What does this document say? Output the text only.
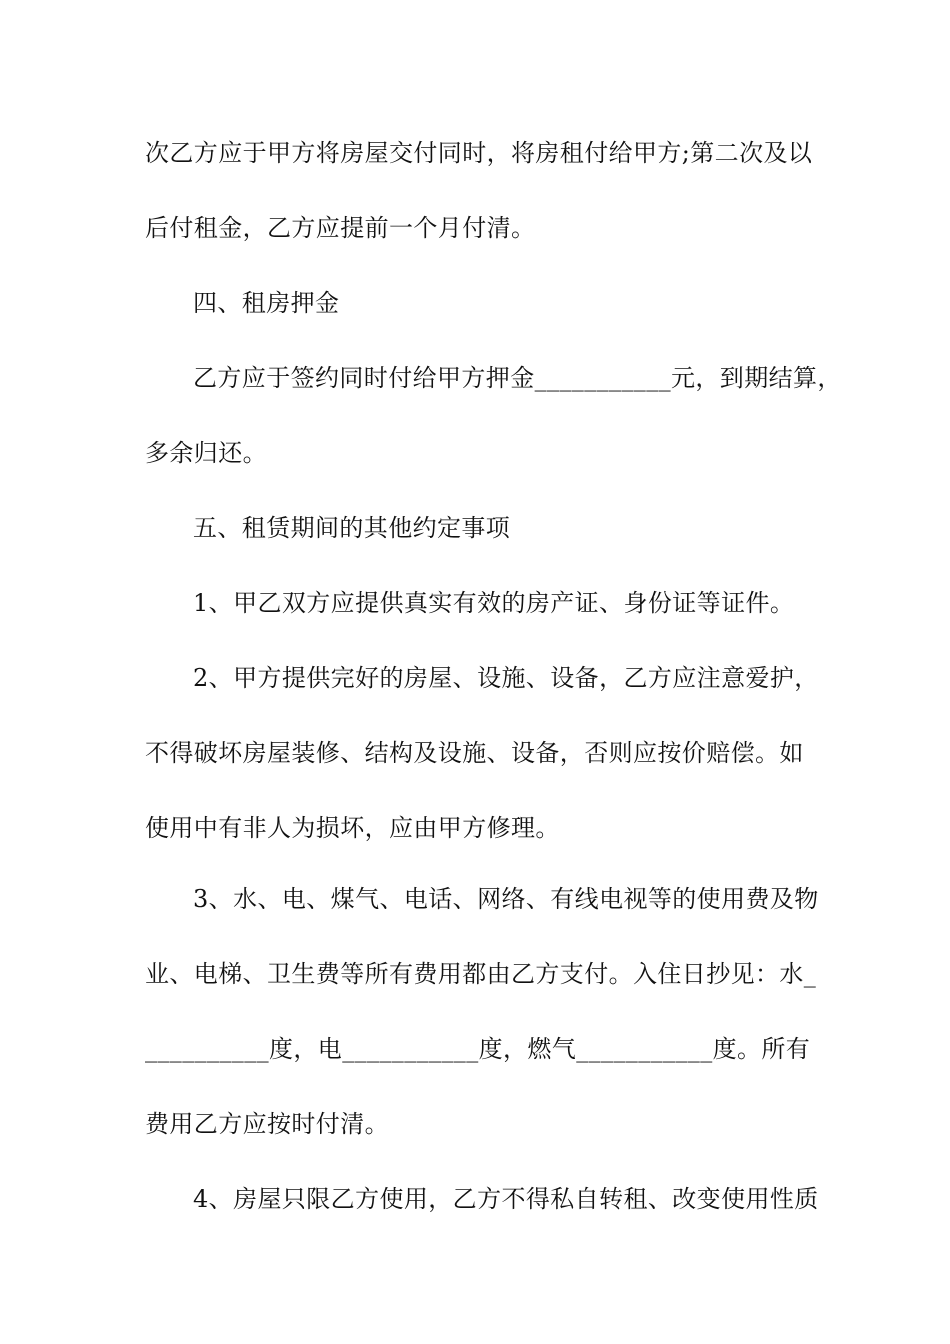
次乙方应于甲方将房屋交付同时，将房租付给甲方;第二次及以
后付租金，乙方应提前一个月付清。
四、租房押金
乙方应于签约同时付给甲方押金___________元，到期结算，
多余归还。
五、租赁期间的其他约定事项
1、甲乙双方应提供真实有效的房产证、身份证等证件。
2、甲方提供完好的房屋、设施、设备，乙方应注意爱护，
不得破坏房屋装修、结构及设施、设备，否则应按价赔偿。如
使用中有非人为损坏，应由甲方修理。
3、水、电、煤气、电话、网络、有线电视等的使用费及物
业、电梯、卫生费等所有费用都由乙方支付。入住日抄见：水_
__________度，电___________度，燃气___________度。所有
费用乙方应按时付清。
4、房屋只限乙方使用，乙方不得私自转租、改变使用性质
